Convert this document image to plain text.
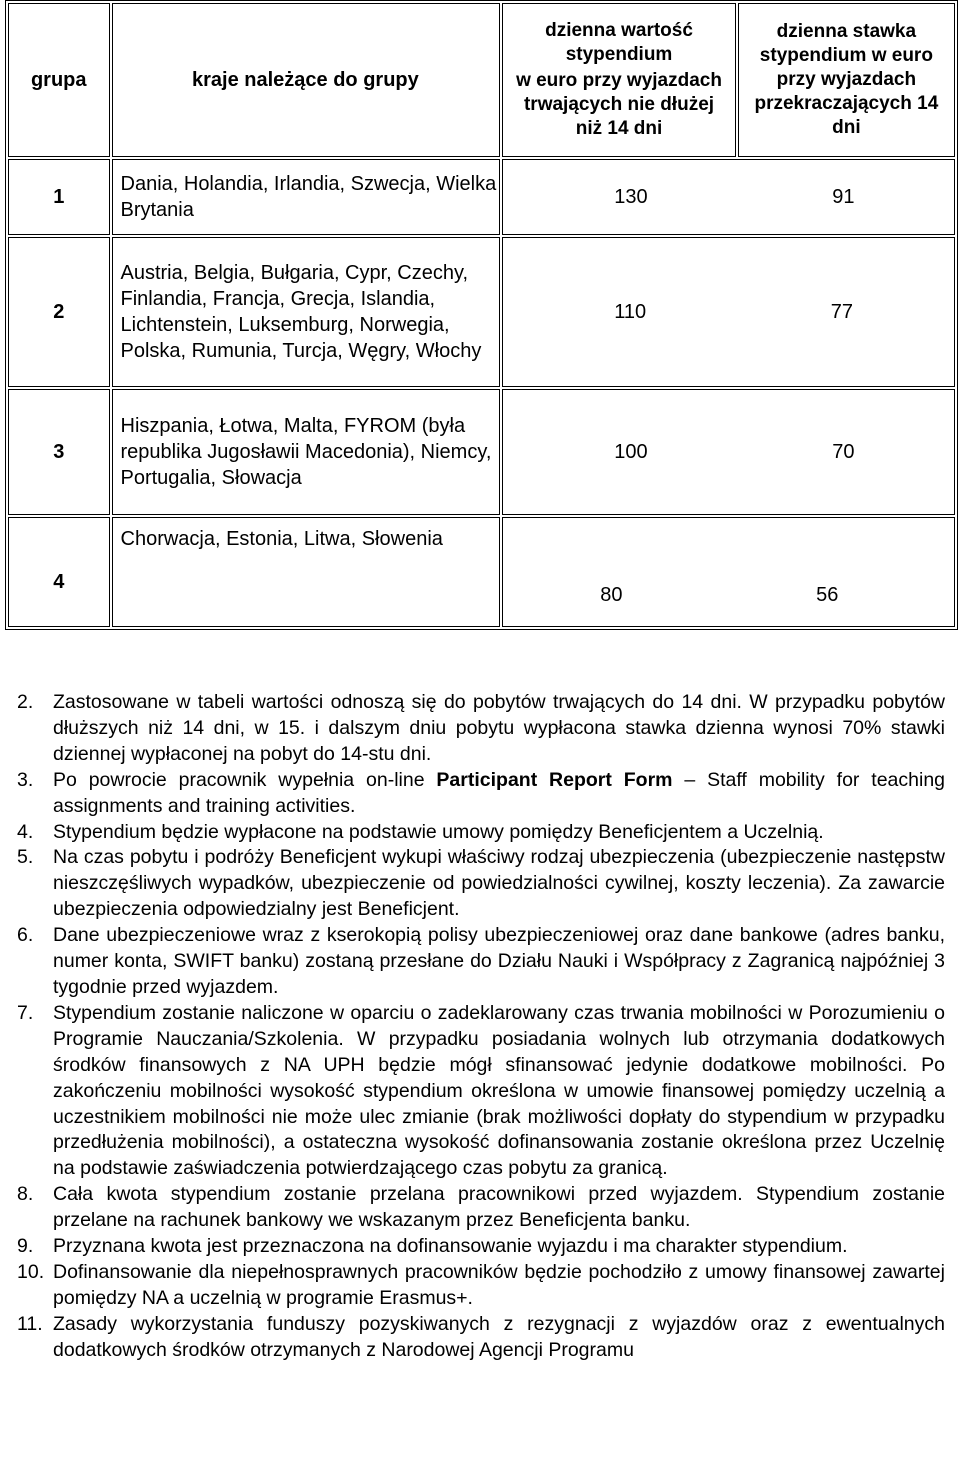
grupa	kraje należące do grupy	dzienna wartość stypendium
w euro przy wyjazdach trwających nie dłużej niż 14 dni	dzienna stawka stypendium w euro przy wyjazdach przekraczających 14 dni
1	Dania, Holandia, Irlandia, Szwecja, Wielka Brytania	130 91	
2	Austria, Belgia, Bułgaria, Cypr, Czechy, Finlandia, Francja, Grecja, Islandia, Lichtenstein, Luksemburg, Norwegia, Polska, Rumunia, Turcja, Węgry, Włochy	110 77	
3	Hiszpania, Łotwa, Malta, FYROM (była republika Jugosławii Macedonia), Niemcy, Portugalia, Słowacja	100 70	
4	Chorwacja, Estonia, Litwa, Słowenia	80 56	
2. Zastosowane w tabeli wartości odnoszą się do pobytów trwających do 14 dni. W przypadku pobytów dłuższych niż 14 dni, w 15. i dalszym dniu pobytu wypłacona stawka dzienna wynosi 70% stawki dziennej wypłaconej na pobyt do 14-stu dni.
3. Po powrocie pracownik wypełnia on-line Participant Report Form – Staff mobility for teaching assignments and training activities.
4. Stypendium będzie wypłacone na podstawie umowy pomiędzy Beneficjentem a Uczelnią.
5. Na czas pobytu i podróży Beneficjent wykupi właściwy rodzaj ubezpieczenia (ubezpieczenie następstw nieszczęśliwych wypadków, ubezpieczenie od powiedzialności cywilnej, koszty leczenia). Za zawarcie ubezpieczenia odpowiedzialny jest Beneficjent.
6. Dane ubezpieczeniowe wraz z kserokopią polisy ubezpieczeniowej oraz dane bankowe (adres banku, numer konta, SWIFT banku) zostaną przesłane do Działu Nauki i Współpracy z Zagranicą najpóźniej 3 tygodnie przed wyjazdem.
7. Stypendium zostanie naliczone w oparciu o zadeklarowany czas trwania mobilności w Porozumieniu o Programie Nauczania/Szkolenia. W przypadku posiadania wolnych lub otrzymania dodatkowych środków finansowych z NA UPH będzie mógł sfinansować jedynie dodatkowe mobilności. Po zakończeniu mobilności wysokość stypendium określona w umowie finansowej pomiędzy uczelnią a uczestnikiem mobilności nie może ulec zmianie (brak możliwości dopłaty do stypendium w przypadku przedłużenia mobilności), a ostateczna wysokość dofinansowania zostanie określona przez Uczelnię na podstawie zaświadczenia potwierdzającego czas pobytu za granicą.
8. Cała kwota stypendium zostanie przelana pracownikowi przed wyjazdem. Stypendium zostanie przelane na rachunek bankowy we wskazanym przez Beneficjenta banku.
9. Przyznana kwota jest przeznaczona na dofinansowanie wyjazdu i ma charakter stypendium.
10. Dofinansowanie dla niepełnosprawnych pracowników będzie pochodziło z umowy finansowej zawartej pomiędzy NA a uczelnią w programie Erasmus+.
11. Zasady wykorzystania funduszy pozyskiwanych z rezygnacji z wyjazdów oraz z ewentualnych dodatkowych środków otrzymanych z Narodowej Agencji Programu
